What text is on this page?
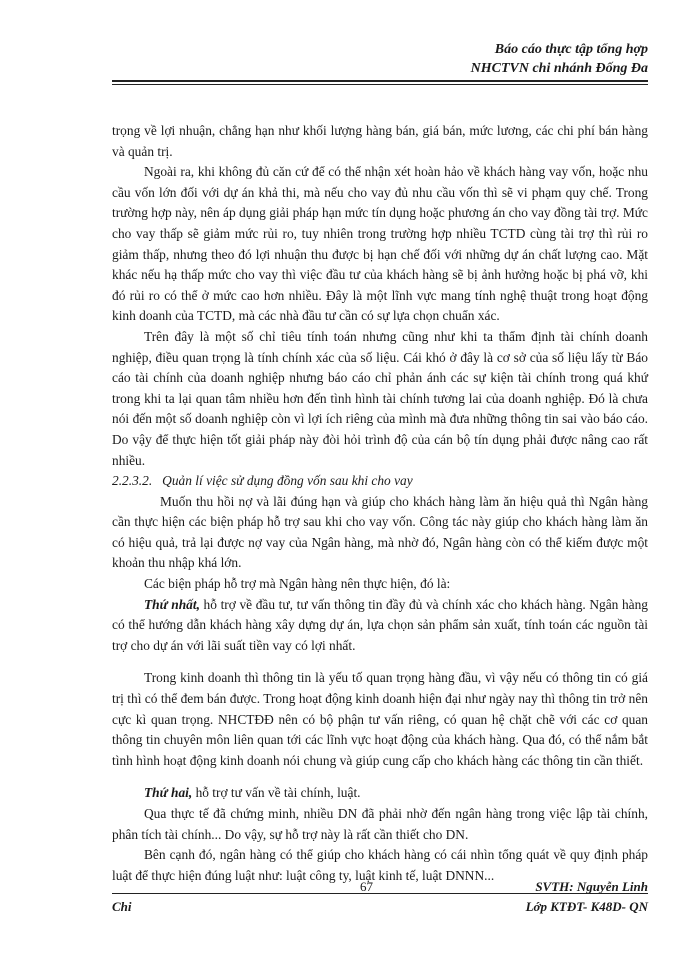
Báo cáo thực tập tổng hợp
NHCTVN chi nhánh Đống Đa

trọng về lợi nhuận, chẳng hạn như khối lượng hàng bán, giá bán, mức lương, các chi phí bán hàng và quản trị.

Ngoài ra, khi không đủ căn cứ để có thể nhận xét hoàn hảo về khách hàng vay vốn, hoặc nhu cầu vốn lớn đối với dự án khả thi, mà nếu cho vay đủ nhu cầu vốn thì sẽ vi phạm quy chế. Trong trường hợp này, nên áp dụng giải pháp hạn mức tín dụng hoặc phương án cho vay đồng tài trợ. Mức cho vay thấp sẽ giảm mức rủi ro, tuy nhiên trong trường hợp nhiều TCTD cùng tài trợ thì rủi ro giảm thấp, nhưng theo đó lợi nhuận thu được bị hạn chế đối với những dự án chất lượng cao. Mặt khác nếu hạ thấp mức cho vay thì việc đầu tư của khách hàng sẽ bị ảnh hưởng hoặc bị phá vỡ, khi đó rủi ro có thể ở mức cao hơn nhiều. Đây là một lĩnh vực mang tính nghệ thuật trong hoạt động kinh doanh của TCTD, mà các nhà đầu tư cần có sự lựa chọn chuẩn xác.

Trên đây là một số chỉ tiêu tính toán nhưng cũng như khi ta thẩm định tài chính doanh nghiệp, điều quan trọng là tính chính xác của số liệu. Cái khó ở đây là cơ sở của số liệu lấy từ Báo cáo tài chính của doanh nghiệp nhưng báo cáo chỉ phản ánh các sự kiện tài chính trong quá khứ trong khi ta lại quan tâm nhiều hơn đến tình hình tài chính tương lai của doanh nghiệp. Đó là chưa nói đến một số doanh nghiệp còn vì lợi ích riêng của mình mà đưa những thông tin sai vào báo cáo. Do vậy để thực hiện tốt giải pháp này đòi hỏi trình độ của cán bộ tín dụng phải được nâng cao rất nhiều.

2.2.3.2. Quản lí việc sử dụng đồng vốn sau khi cho vay

Muốn thu hồi nợ và lãi đúng hạn và giúp cho khách hàng làm ăn hiệu quả thì Ngân hàng cần thực hiện các biện pháp hỗ trợ sau khi cho vay vốn. Công tác này giúp cho khách hàng làm ăn có hiệu quả, trả lại được nợ vay của Ngân hàng, mà nhờ đó, Ngân hàng còn có thể kiếm được một khoản thu nhập khá lớn.

Các biện pháp hỗ trợ mà Ngân hàng nên thực hiện, đó là:

Thứ nhất, hỗ trợ về đầu tư, tư vấn thông tin đầy đủ và chính xác cho khách hàng. Ngân hàng có thể hướng dẫn khách hàng xây dựng dự án, lựa chọn sản phẩm sản xuất, tính toán các nguồn tài trợ cho dự án với lãi suất tiền vay có lợi nhất.

Trong kinh doanh thì thông tin là yếu tố quan trọng hàng đầu, vì vậy nếu có thông tin có giá trị thì có thể đem bán được. Trong hoạt động kinh doanh hiện đại như ngày nay thì thông tin trở nên cực kì quan trọng. NHCTĐĐ nên có bộ phận tư vấn riêng, có quan hệ chặt chẽ với các cơ quan thông tin chuyên môn liên quan tới các lĩnh vực hoạt động của khách hàng. Qua đó, có thể nắm bắt tình hình hoạt động kinh doanh nói chung và giúp cung cấp cho khách hàng các thông tin cần thiết.

Thứ hai, hỗ trợ tư vấn về tài chính, luật.

Qua thực tế đã chứng minh, nhiều DN đã phải nhờ đến ngân hàng trong việc lập tài chính, phân tích tài chính... Do vậy, sự hỗ trợ này là rất cần thiết cho DN.

Bên cạnh đó, ngân hàng có thể giúp cho khách hàng có cái nhìn tổng quát về quy định pháp luật để thực hiện đúng luật như: luật công ty, luật kinh tế, luật DNNN...

67	SVTH: Nguyễn Linh
Chi	Lớp KTĐT- K48D- QN
